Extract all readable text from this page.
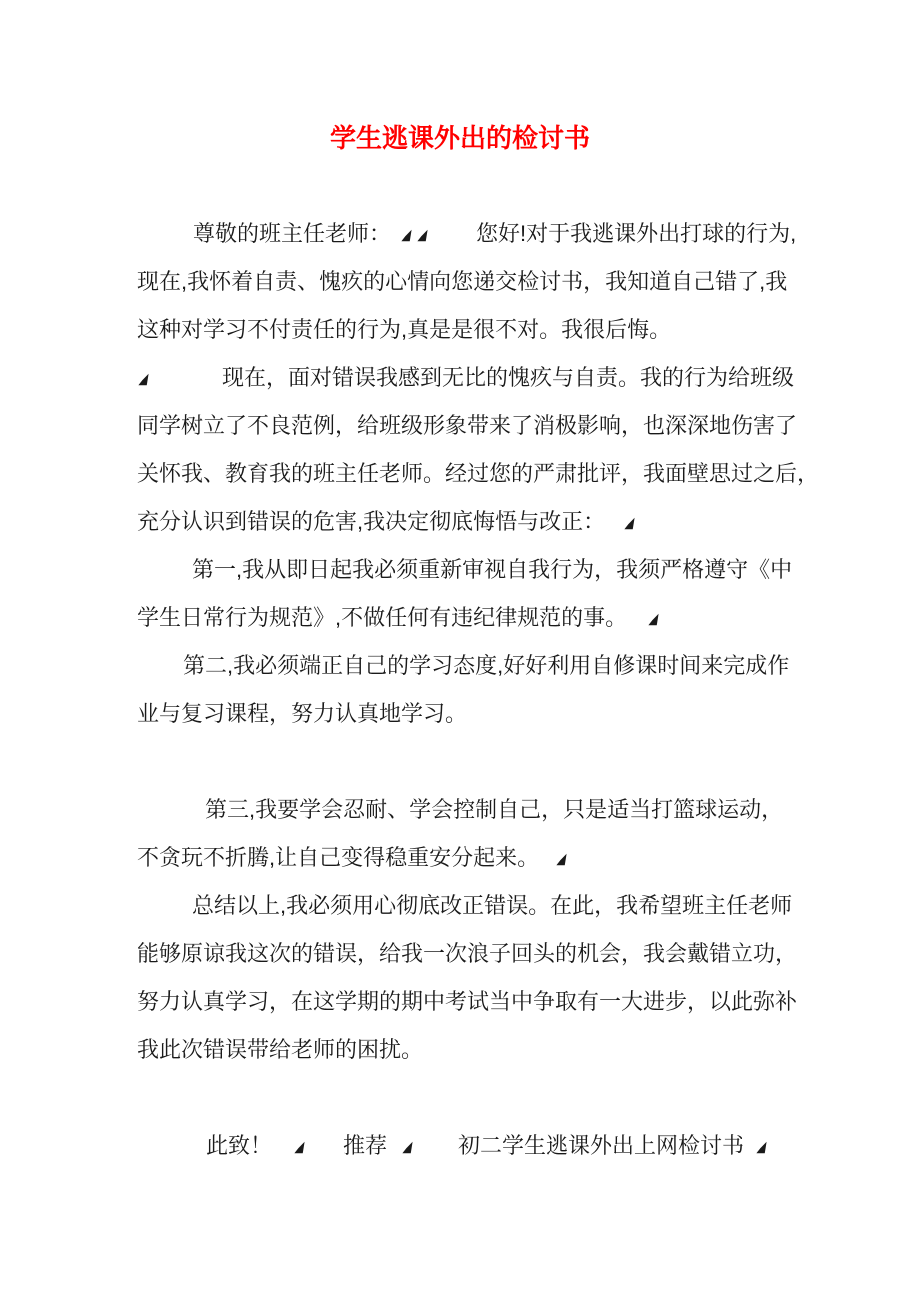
学生逃课外出的检讨书
尊敬的班主任老师：	您好!对于我逃课外出打球的行为,
现在,我怀着自责、愧疚的心情向您递交检讨书，我知道自己错了,我
这种对学习不付责任的行为,真是是很不对。我很后悔。
现在，面对错误我感到无比的愧疚与自责。我的行为给班级
同学树立了不良范例，给班级形象带来了消极影响，也深深地伤害了
关怀我、教育我的班主任老师。经过您的严肃批评，我面壁思过之后，
充分认识到错误的危害,我决定彻底悔悟与改正：
第一,我从即日起我必须重新审视自我行为，我须严格遵守《中
学生日常行为规范》,不做任何有违纪律规范的事。
第二,我必须端正自己的学习态度,好好利用自修课时间来完成作
业与复习课程，努力认真地学习。
第三,我要学会忍耐、学会控制自己，只是适当打篮球运动，
不贪玩不折腾,让自己变得稳重安分起来。
总结以上,我必须用心彻底改正错误。在此，我希望班主任老师
能够原谅我这次的错误，给我一次浪子回头的机会，我会戴错立功，
努力认真学习，在这学期的期中考试当中争取有一大进步，以此弥补
我此次错误带给老师的困扰。
此致！	推荐	初二学生逃课外出上网检讨书
